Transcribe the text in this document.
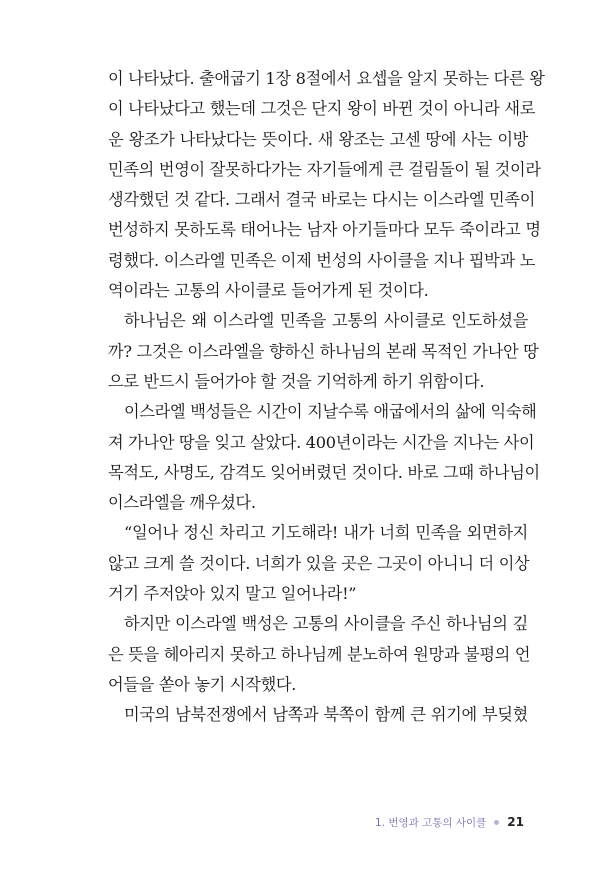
이 나타났다. 출애굽기 1장 8절에서 요셉을 알지 못하는 다른 왕
이 나타났다고 했는데 그것은 단지 왕이 바뀐 것이 아니라 새로
운 왕조가 나타났다는 뜻이다. 새 왕조는 고센 땅에 사는 이방
민족의 번영이 잘못하다가는 자기들에게 큰 걸림돌이 될 것이라
생각했던 것 같다. 그래서 결국 바로는 다시는 이스라엘 민족이
번성하지 못하도록 태어나는 남자 아기들마다 모두 죽이라고 명
령했다. 이스라엘 민족은 이제 번성의 사이클을 지나 핍박과 노
역이라는 고통의 사이클로 들어가게 된 것이다.
하나님은 왜 이스라엘 민족을 고통의 사이클로 인도하셨을
까? 그것은 이스라엘을 향하신 하나님의 본래 목적인 가나안 땅
으로 반드시 들어가야 할 것을 기억하게 하기 위함이다.
이스라엘 백성들은 시간이 지날수록 애굽에서의 삶에 익숙해
져 가나안 땅을 잊고 살았다. 400년이라는 시간을 지나는 사이
목적도, 사명도, 감격도 잊어버렸던 것이다. 바로 그때 하나님이
이스라엘을 깨우셨다.
“일어나 정신 차리고 기도해라! 내가 너희 민족을 외면하지
않고 크게 쓸 것이다. 너희가 있을 곳은 그곳이 아니니 더 이상
거기 주저앉아 있지 말고 일어나라!”
하지만 이스라엘 백성은 고통의 사이클을 주신 하나님의 깊
은 뜻을 헤아리지 못하고 하나님께 분노하여 원망과 불평의 언
어들을 쏟아 놓기 시작했다.
미국의 남북전쟁에서 남쪽과 북쪽이 함께 큰 위기에 부딪혔
1. 번영과 고통의 사이클 21
